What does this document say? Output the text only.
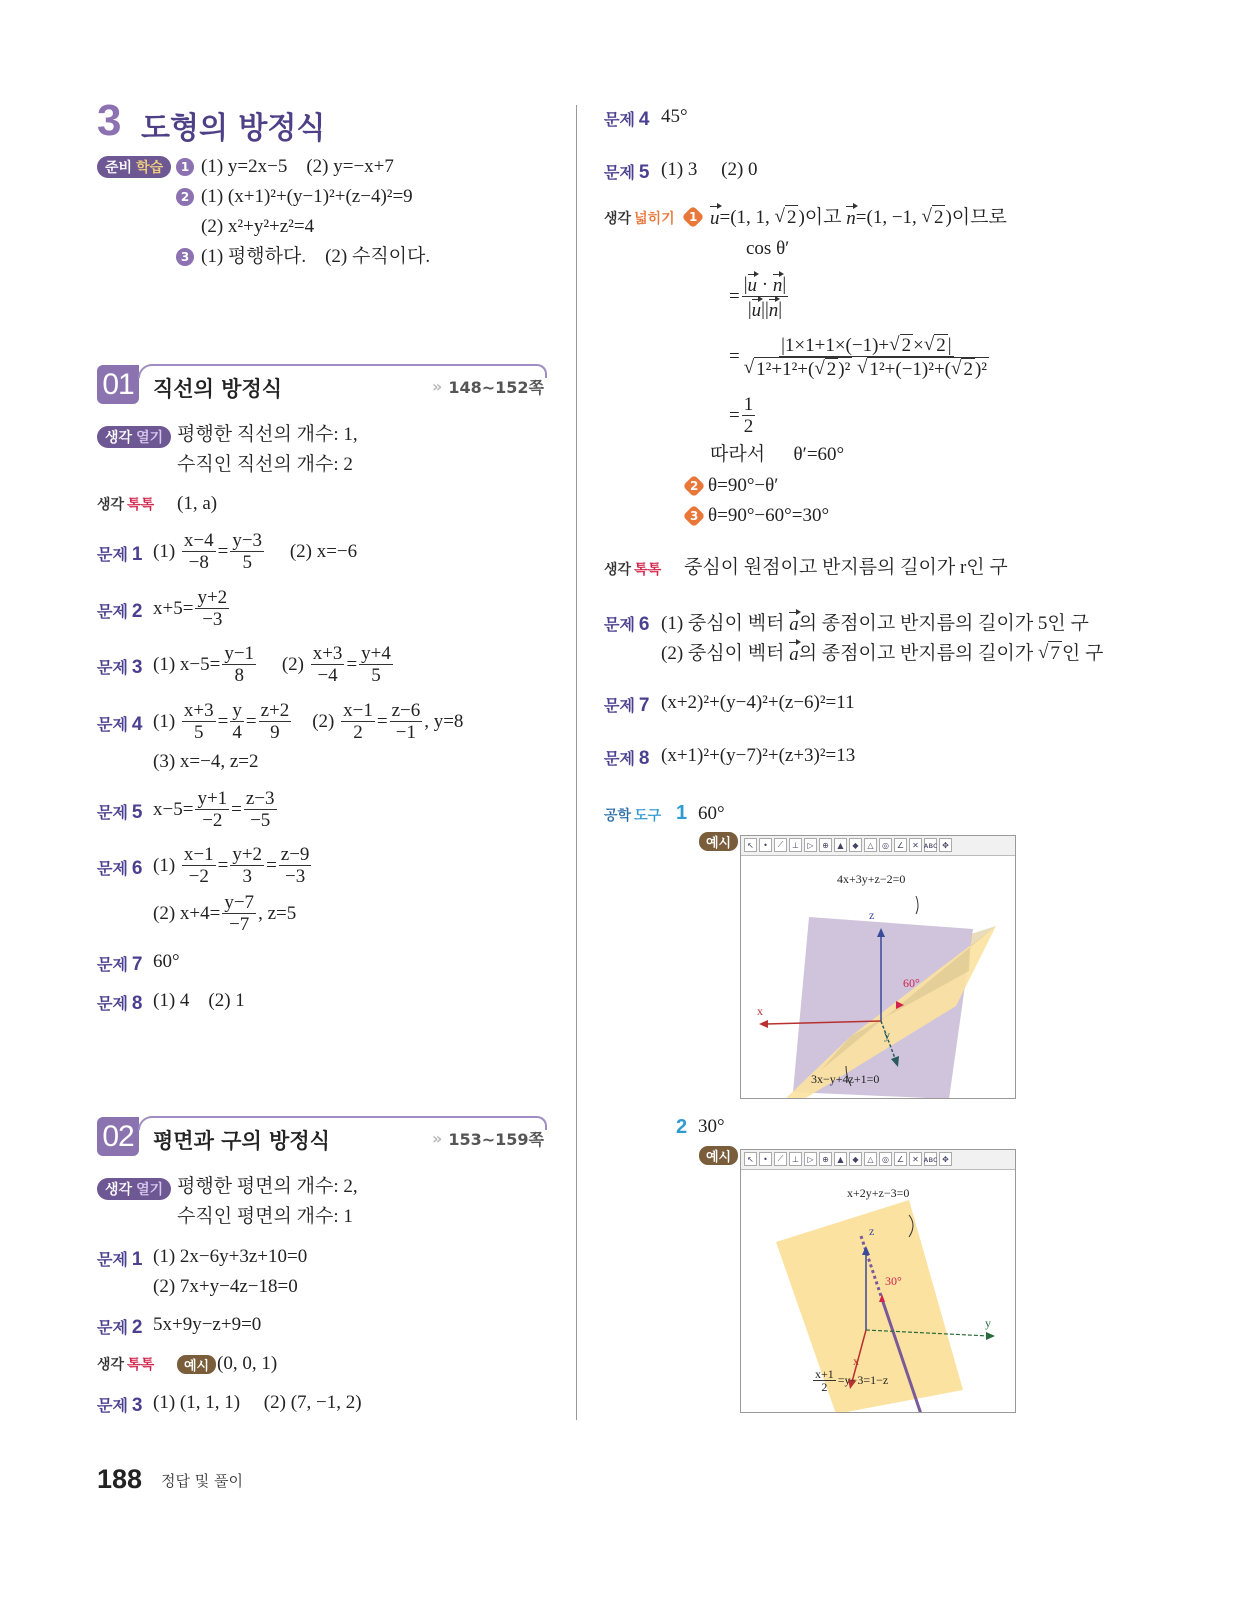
3 도형의 방정식
준비 학습 1 (1) y=2x−5    (2) y=−x+7
2 (1) (x+1)²+(y−1)²+(z−4)²=9
(2) x²+y²+z²=4
3 (1) 평행하다.    (2) 수직이다.
01 직선의 방정식	» 148~152쪽
생각 열기 평행한 직선의 개수: 1,
수직인 직선의 개수: 2
생각 톡톡 (1, a)
문제 1 $(1) \frac{x-4}{-8} = \frac{y-3}{5} (2)$ x=−6
문제 2 $x+5= \frac{y+2}{-3}$
문제 3 (1) $x-5= \frac{y-1}{8} (2) \frac{x+3}{-4} = \frac{y+4}{5}$
문제 4 $(1) \frac{x+3}{5} = \frac{y}{4} = \frac{z+2}{9} (2) \frac{x-1}{2} = \frac{z-6}{-1}$ , y=8
(3) x=−4, z=2
문제 5 $x-5= \frac{y+1}{-2} = \frac{z-3}{-5}$
문제 6 $(1) \frac{x-1}{-2} = \frac{y+2}{3} = \frac{z-9}{-3}$
(2) $x+4= \frac{y-7}{-7}$ , z=5
문제 7 60°
문제 8 (1) 4    (2) 1
02 평면과 구의 방정식	» 153~159쪽
생각 열기 평행한 평면의 개수: 2,
수직인 평면의 개수: 1
문제 1 (1) 2x−6y+3z+10=0
(2) 7x+y−4z−18=0
문제 2 5x+9y−z+9=0
생각 톡톡	예시 (0, 0, 1)
문제 3 (1) (1, 1, 1)     (2) (7, −1, 2)
문제 4 45°
문제 5 (1) 3     (2) 0
생각 넓히기 1 u =(1, 1, √ 2 )이고 n =(1, −1, √ 2 )이므로
cos θ′
= $\frac{| u \cdot n |}{| u || n |}$
= |1×1+1×(−1)+ √ 2 × √ 2 |
√ 1²+1²+( √ 2 )²
√ 1²+(−1)²+( √ 2 )²
= $\frac{1}{2}$
따라서      θ′=60°
2 θ=90°−θ′
3 θ=90°−60°=30°
생각 톡톡 중심이 원점이고 반지름의 길이가 r인 구
문제 6 (1) 중심이 벡터 a 의 종점이고 반지름의 길이가 5인 구
(2) 중심이 벡터 a 의 종점이고 반지름의 길이가 √ 7 인 구
문제 7 (x+2)²+(y−4)²+(z−6)²=11
문제 8 (x+1)²+(y−7)²+(z+3)²=13
공학 도구 1 60°
예시	↖	•	⟋	⊥	▷	⊕	▲	◆	△	◎ ∠	✕ ᴀʙᴄ ✥
4x+3y+z−2=0
3x−y+4z+1=0
60°
x
y
z
2 30°
예시	↖	•	⟋	⊥	▷	⊕	▲	◆	△	◎ ∠	✕ ᴀʙᴄ ✥
x+2y+z−3=0
$\frac{x+1}{2} =y-3=1-z$
30°
x
y
z
188 정답 및 풀이
